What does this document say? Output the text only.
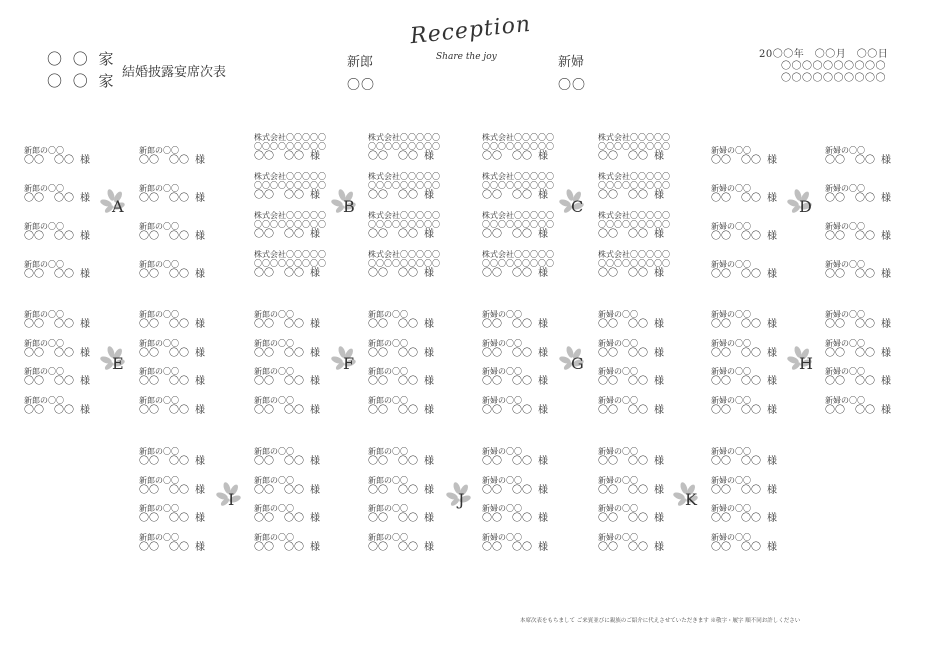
〇 〇 家
〇 〇 家 結婚披露宴席次表
新郎
〇〇
Reception
Share the joy	新婦
〇〇
20〇〇年　〇〇月　〇〇日
〇〇〇〇〇〇〇〇〇〇
〇〇〇〇〇〇〇〇〇〇
新郎の〇〇
〇〇　〇〇 様
新郎の〇〇
〇〇　〇〇 様
新郎の〇〇
〇〇　〇〇 様
新郎の〇〇
〇〇　〇〇 様
新郎の〇〇
〇〇　〇〇 様
新郎の〇〇
〇〇　〇〇 様
新郎の〇〇
〇〇　〇〇 様
新郎の〇〇
〇〇　〇〇 様
株式会社〇〇〇〇〇
〇〇〇〇〇〇〇〇〇
〇〇　〇〇 様
株式会社〇〇〇〇〇
〇〇〇〇〇〇〇〇〇
〇〇　〇〇 様
株式会社〇〇〇〇〇
〇〇〇〇〇〇〇〇〇
〇〇　〇〇 様
株式会社〇〇〇〇〇
〇〇〇〇〇〇〇〇〇
〇〇　〇〇 様
株式会社〇〇〇〇〇
〇〇〇〇〇〇〇〇〇
〇〇　〇〇 様
株式会社〇〇〇〇〇
〇〇〇〇〇〇〇〇〇
〇〇　〇〇 様
株式会社〇〇〇〇〇
〇〇〇〇〇〇〇〇〇
〇〇　〇〇 様
株式会社〇〇〇〇〇
〇〇〇〇〇〇〇〇〇
〇〇　〇〇 様
株式会社〇〇〇〇〇
〇〇〇〇〇〇〇〇〇
〇〇　〇〇 様
株式会社〇〇〇〇〇
〇〇〇〇〇〇〇〇〇
〇〇　〇〇 様
株式会社〇〇〇〇〇
〇〇〇〇〇〇〇〇〇
〇〇　〇〇 様
株式会社〇〇〇〇〇
〇〇〇〇〇〇〇〇〇
〇〇　〇〇 様
株式会社〇〇〇〇〇
〇〇〇〇〇〇〇〇〇
〇〇　〇〇 様
株式会社〇〇〇〇〇
〇〇〇〇〇〇〇〇〇
〇〇　〇〇 様
株式会社〇〇〇〇〇
〇〇〇〇〇〇〇〇〇
〇〇　〇〇 様
株式会社〇〇〇〇〇
〇〇〇〇〇〇〇〇〇
〇〇　〇〇 様
新婦の〇〇
〇〇　〇〇 様
新婦の〇〇
〇〇　〇〇 様
新婦の〇〇
〇〇　〇〇 様
新婦の〇〇
〇〇　〇〇 様
新婦の〇〇
〇〇　〇〇 様
新婦の〇〇
〇〇　〇〇 様
新婦の〇〇
〇〇　〇〇 様
新婦の〇〇
〇〇　〇〇 様
新郎の〇〇
〇〇　〇〇 様
新郎の〇〇
〇〇　〇〇 様
新郎の〇〇
〇〇　〇〇 様
新郎の〇〇
〇〇　〇〇 様
新郎の〇〇
〇〇　〇〇 様
新郎の〇〇
〇〇　〇〇 様
新郎の〇〇
〇〇　〇〇 様
新郎の〇〇
〇〇　〇〇 様
新郎の〇〇
〇〇　〇〇 様
新郎の〇〇
〇〇　〇〇 様
新郎の〇〇
〇〇　〇〇 様
新郎の〇〇
〇〇　〇〇 様
新郎の〇〇
〇〇　〇〇 様
新郎の〇〇
〇〇　〇〇 様
新郎の〇〇
〇〇　〇〇 様
新郎の〇〇
〇〇　〇〇 様
新婦の〇〇
〇〇　〇〇 様
新婦の〇〇
〇〇　〇〇 様
新婦の〇〇
〇〇　〇〇 様
新婦の〇〇
〇〇　〇〇 様
新婦の〇〇
〇〇　〇〇 様
新婦の〇〇
〇〇　〇〇 様
新婦の〇〇
〇〇　〇〇 様
新婦の〇〇
〇〇　〇〇 様
新婦の〇〇
〇〇　〇〇 様
新婦の〇〇
〇〇　〇〇 様
新婦の〇〇
〇〇　〇〇 様
新婦の〇〇
〇〇　〇〇 様
新婦の〇〇
〇〇　〇〇 様
新婦の〇〇
〇〇　〇〇 様
新婦の〇〇
〇〇　〇〇 様
新婦の〇〇
〇〇　〇〇 様
新郎の〇〇
〇〇　〇〇 様
新郎の〇〇
〇〇　〇〇 様
新郎の〇〇
〇〇　〇〇 様
新郎の〇〇
〇〇　〇〇 様
新郎の〇〇
〇〇　〇〇 様
新郎の〇〇
〇〇　〇〇 様
新郎の〇〇
〇〇　〇〇 様
新郎の〇〇
〇〇　〇〇 様
新郎の〇〇
〇〇　〇〇 様
新郎の〇〇
〇〇　〇〇 様
新郎の〇〇
〇〇　〇〇 様
新郎の〇〇
〇〇　〇〇 様
新婦の〇〇
〇〇　〇〇 様
新婦の〇〇
〇〇　〇〇 様
新婦の〇〇
〇〇　〇〇 様
新婦の〇〇
〇〇　〇〇 様
新婦の〇〇
〇〇　〇〇 様
新婦の〇〇
〇〇　〇〇 様
新婦の〇〇
〇〇　〇〇 様
新婦の〇〇
〇〇　〇〇 様
新婦の〇〇
〇〇　〇〇 様
新婦の〇〇
〇〇　〇〇 様
新婦の〇〇
〇〇　〇〇 様
新婦の〇〇
〇〇　〇〇 様
A	B	C	D
E	F	G	H
I	J	K
本席次表をもちまして ご来賓並びに親族のご紹介に代えさせていただきます ※敬字・履字 順不同お許しください
